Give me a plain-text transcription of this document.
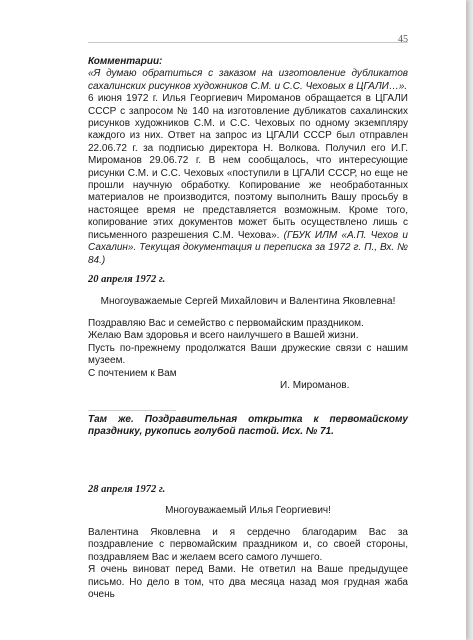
45
Комментарии:
«Я думаю обратиться с заказом на изготовление дубликатов сахалинских рисунков художников С.М. и С.С. Чеховых в ЦГАЛИ…».
6 июня 1972 г. Илья Георгиевич Миромaнов обращается в ЦГАЛИ СССР с запросом № 140 на изготовление дубликатов сахалинских рисунков художников С.М. и С.С. Чеховых по одному экземпляру каждого из них. Ответ на запрос из ЦГАЛИ СССР был отправлен 22.06.72 г. за подписью директора Н. Волкова. Получил его И.Г. Миромaнов 29.06.72 г. В нем сообщалось, что интересующие рисунки С.М. и С.С. Чеховых «поступили в ЦГАЛИ СССР, но еще не прошли научную обработку. Копирование же необработанных материалов не производится, поэтому выполнить Вашу просьбу в настоящее время не представляется возможным. Кроме того, копирование этих документов может быть осуществлено лишь с письменного разрешения С.М. Чехова». (ГБУК ИЛМ «А.П. Чехов и Сахалин». Текущая документация и переписка за 1972 г. П., Вх. № 84.)
20 апреля 1972 г.
Многоуважаемые Сергей Михайлович и Валентина Яковлевна!
Поздравляю Вас и семейство с первомайским праздником.
Желаю Вам здоровья и всего наилучшего в Вашей жизни.
Пусть по-прежнему продолжатся Ваши дружеские связи с нашим музеем.
С почтением к Вам
И. Миромaнов.
Там же. Поздравительная открытка к первомайскому празднику, рукопись голубой пастой. Исх. № 71.
28 апреля 1972 г.
Многоуважаемый Илья Георгиевич!
Валентина Яковлевна и я сердечно благодарим Вас за поздравление с первомайским праздником и, со своей стороны, поздравляем Вас и желаем всего самого лучшего.
Я очень виноват перед Вами. Не ответил на Ваше предыдущее письмо. Но дело в том, что два месяца назад моя грудная жаба очень
